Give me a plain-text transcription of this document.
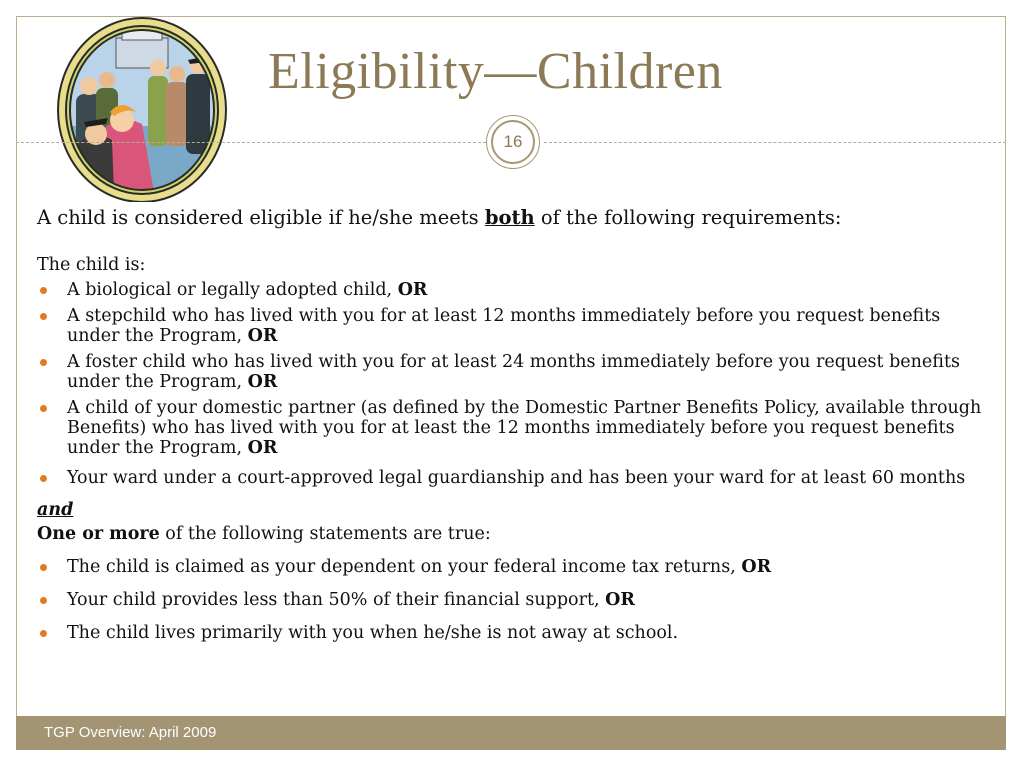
Eligibility—Children
16

A child is considered eligible if he/she meets both of the following requirements:

The child is:

A biological or legally adopted child, OR
A stepchild who has lived with you for at least 12 months immediately before you request benefits under the Program, OR
A foster child who has lived with you for at least 24 months immediately before you request benefits under the Program, OR
A child of your domestic partner (as defined by the Domestic Partner Benefits Policy, available through Benefits) who has lived with you for at least the 12 months immediately before you request benefits under the Program, OR
Your ward under a court-approved legal guardianship and has been your ward for at least 60 months

and

One or more of the following statements are true:

The child is claimed as your dependent on your federal income tax returns, OR
Your child provides less than 50% of their financial support, OR
The child lives primarily with you when he/she is not away at school.
TGP Overview: April 2009
